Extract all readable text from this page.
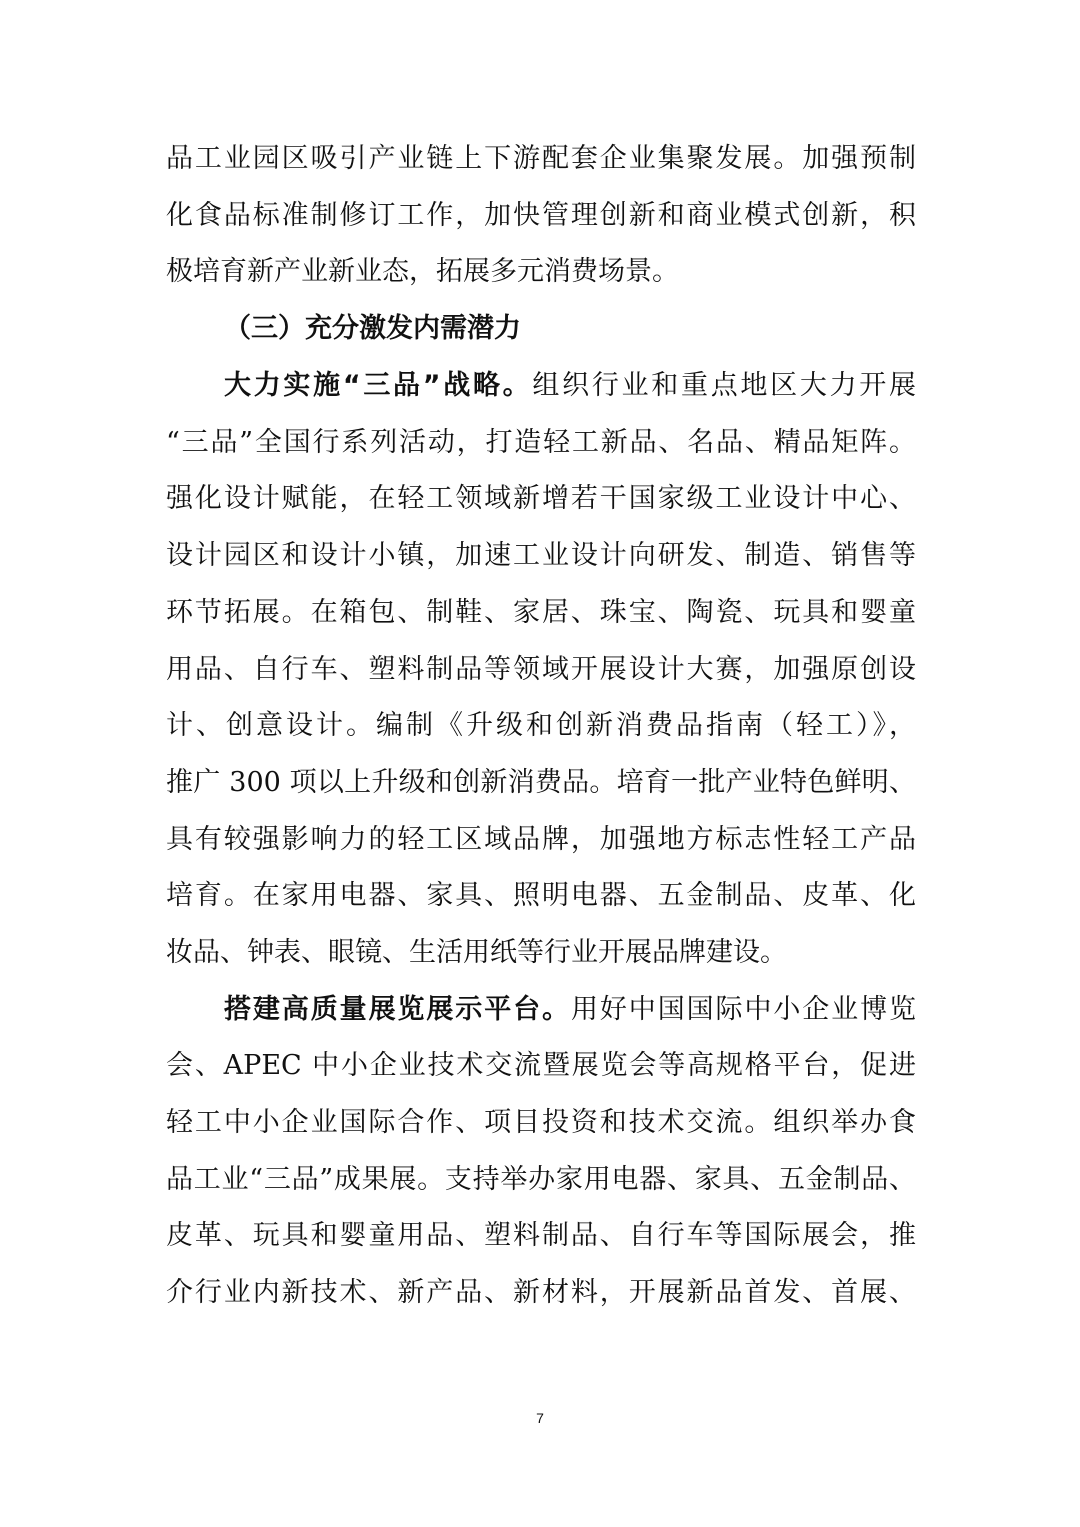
品工业园区吸引产业链上下游配套企业集聚发展。加强预制
化食品标准制修订工作，加快管理创新和商业模式创新，积
极培育新产业新业态，拓展多元消费场景。
（三）充分激发内需潜力
大力实施“三品”战略。组织行业和重点地区大力开展
“三品”全国行系列活动，打造轻工新品、名品、精品矩阵。
强化设计赋能，在轻工领域新增若干国家级工业设计中心、
设计园区和设计小镇，加速工业设计向研发、制造、销售等
环节拓展。在箱包、制鞋、家居、珠宝、陶瓷、玩具和婴童
用品、自行车、塑料制品等领域开展设计大赛，加强原创设
计、创意设计。编制《升级和创新消费品指南（轻工）》，
推广 300 项以上升级和创新消费品。培育一批产业特色鲜明、
具有较强影响力的轻工区域品牌，加强地方标志性轻工产品
培育。在家用电器、家具、照明电器、五金制品、皮革、化
妆品、钟表、眼镜、生活用纸等行业开展品牌建设。
搭建高质量展览展示平台。用好中国国际中小企业博览
会、APEC 中小企业技术交流暨展览会等高规格平台，促进
轻工中小企业国际合作、项目投资和技术交流。组织举办食
品工业“三品”成果展。支持举办家用电器、家具、五金制品、
皮革、玩具和婴童用品、塑料制品、自行车等国际展会，推
介行业内新技术、新产品、新材料，开展新品首发、首展、
7
